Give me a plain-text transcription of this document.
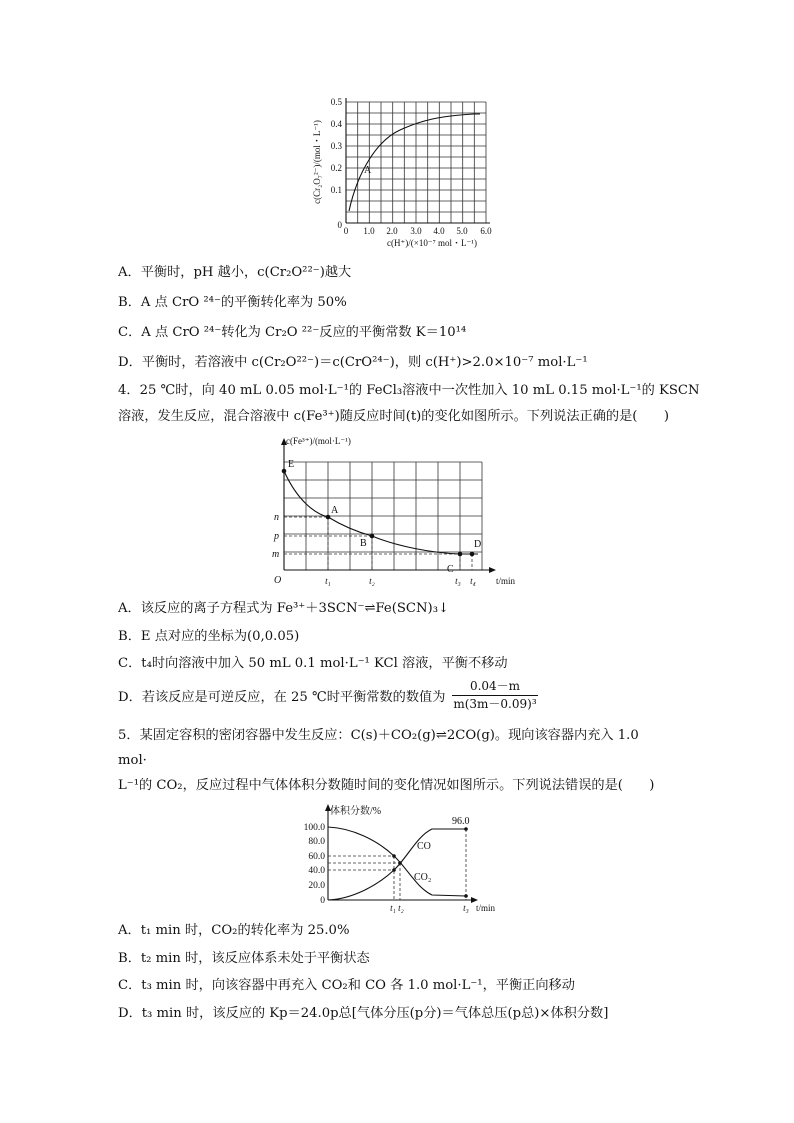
A
0.5
0.4
0.3
0.2
0.1
0
0 1.0 2.0 3.0 4.0 5.0 6.0
c(H⁺)/(×10⁻⁷ mol・L⁻¹)
c(Cr₂O₇²⁻)/(mol・L⁻¹)
A．平衡时，pH 越小，c(Cr₂O²²⁻)越大
B．A 点 CrO ²⁴⁻的平衡转化率为 50%
C．A 点 CrO ²⁴⁻转化为 Cr₂O ²²⁻反应的平衡常数 K＝10¹⁴
D．平衡时，若溶液中 c(Cr₂O²²⁻)＝c(CrO²⁴⁻)，则 c(H⁺)>2.0×10⁻⁷ mol·L⁻¹
4．25 ℃时，向 40 mL 0.05 mol·L⁻¹的 FeCl₃溶液中一次性加入 10 mL 0.15 mol·L⁻¹的 KSCN
溶液，发生反应，混合溶液中 c(Fe³⁺)随反应时间(t)的变化如图所示。下列说法正确的是(　　)
c(Fe³⁺)/(mol·L⁻¹)
E
A
B
C
D
n
p
m
O	t₁	t₂	t₃ t₄ t/min
A．该反应的离子方程式为 Fe³⁺＋3SCN⁻⇌Fe(SCN)₃↓
B．E 点对应的坐标为(0,0.05)
C．t₄时向溶液中加入 50 mL 0.1 mol·L⁻¹ KCl 溶液，平衡不移动
D．若该反应是可逆反应，在 25 ℃时平衡常数的数值为 $\frac{0.04-m}{\text{m(3m－0.09)³}}$
5．某固定容积的密闭容器中发生反应：C(s)＋CO₂(g)⇌2CO(g)。现向该容器内充入 1.0
mol·
L⁻¹的 CO₂，反应过程中气体体积分数随时间的变化情况如图所示。下列说法错误的是(　　)
体积分数/%
100.0
80.0
60.0
40.0
20.0
0
96.0
CO
CO₂
t₁ t₂	t₃ t/min
A．t₁ min 时，CO₂的转化率为 25.0%
B．t₂ min 时，该反应体系未处于平衡状态
C．t₃ min 时，向该容器中再充入 CO₂和 CO 各 1.0 mol·L⁻¹，平衡正向移动
D．t₃ min 时，该反应的 Kp＝24.0p总[气体分压(p分)＝气体总压(p总)×体积分数]
